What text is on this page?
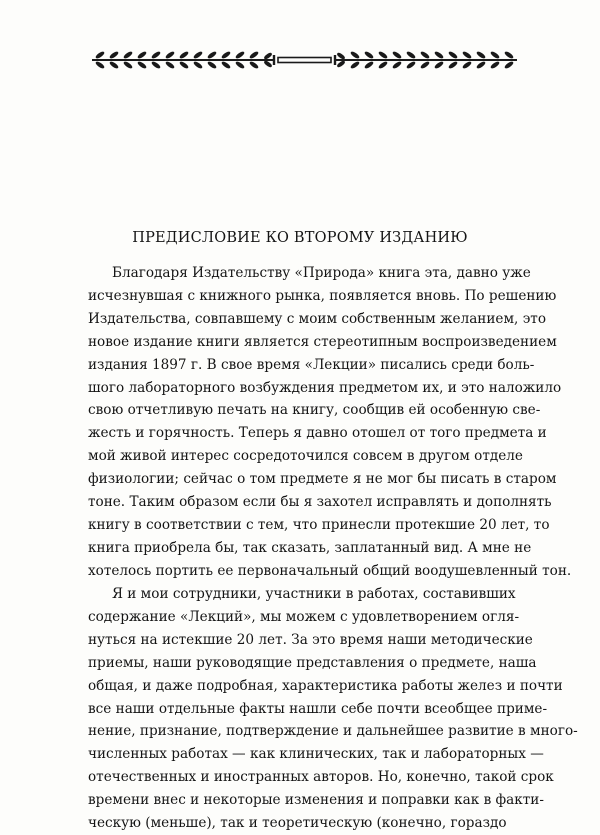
ПРЕДИСЛОВИЕ КО ВТОРОМУ ИЗДАНИЮ

Благодаря Издательству «Природа» книга эта, давно уже
исчезнувшая с книжного рынка, появляется вновь. По решению
Издательства, совпавшему с моим собственным желанием, это
новое издание книги является стереотипным воспроизведением
издания 1897 г. В свое время «Лекции» писались среди боль-
шого лабораторного возбуждения предметом их, и это наложило
свою отчетливую печать на книгу, сообщив ей особенную све-
жесть и горячность. Теперь я давно отошел от того предмета и
мой живой интерес сосредоточился совсем в другом отделе
физиологии; сейчас о том предмете я не мог бы писать в старом
тоне. Таким образом если бы я захотел исправлять и дополнять
книгу в соответствии с тем, что принесли протекшие 20 лет, то
книга приобрела бы, так сказать, заплатанный вид. А мне не
хотелось портить ее первоначальный общий воодушевленный тон.

Я и мои сотрудники, участники в работах, составивших
содержание «Лекций», мы можем с удовлетворением огля-
нуться на истекшие 20 лет. За это время наши методические
приемы, наши руководящие представления о предмете, наша
общая, и даже подробная, характеристика работы желез и почти
все наши отдельные факты нашли себе почти всеобщее приме-
нение, признание, подтверждение и дальнейшее развитие в много-
численных работах — как клинических, так и лабораторных —
отечественных и иностранных авторов. Но, конечно, такой срок
времени внес и некоторые изменения и поправки как в факти-
ческую (меньше), так и теоретическую (конечно, гораздо
